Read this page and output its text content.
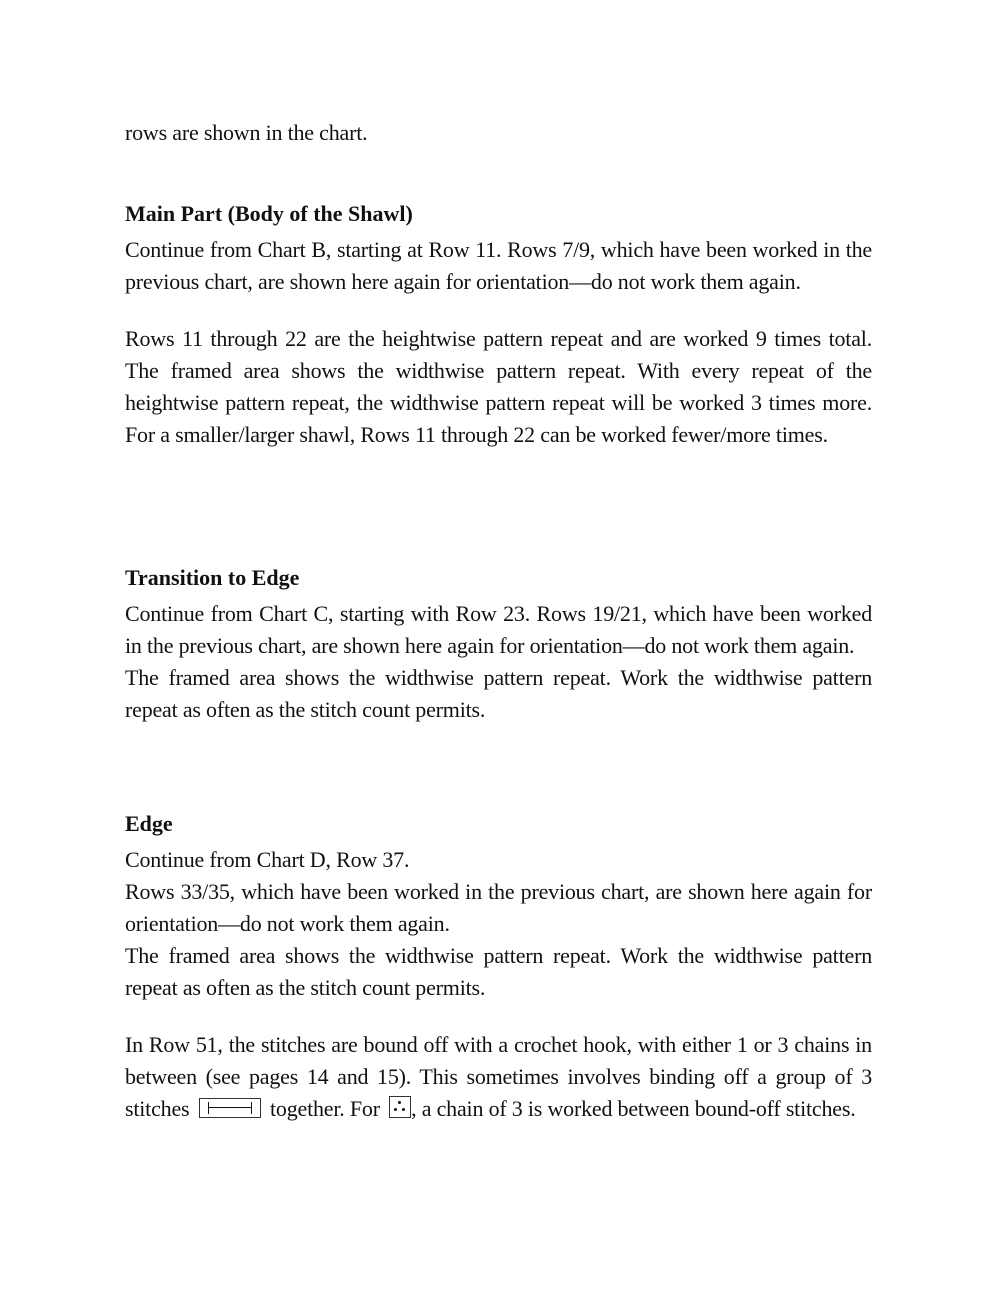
rows are shown in the chart.

Main Part (Body of the Shawl)

Continue from Chart B, starting at Row 11. Rows 7/9, which have been worked in the previous chart, are shown here again for orientation—do not work them again.

Rows 11 through 22 are the heightwise pattern repeat and are worked 9 times total. The framed area shows the widthwise pattern repeat. With every repeat of the heightwise pattern repeat, the widthwise pattern repeat will be worked 3 times more. For a smaller/larger shawl, Rows 11 through 22 can be worked fewer/more times.

Transition to Edge

Continue from Chart C, starting with Row 23. Rows 19/21, which have been worked in the previous chart, are shown here again for orientation—do not work them again.

The framed area shows the widthwise pattern repeat. Work the widthwise pattern repeat as often as the stitch count permits.

Edge

Continue from Chart D, Row 37.

Rows 33/35, which have been worked in the previous chart, are shown here again for orientation—do not work them again.

The framed area shows the widthwise pattern repeat. Work the widthwise pattern repeat as often as the stitch count permits.

In Row 51, the stitches are bound off with a crochet hook, with either 1 or 3 chains in between (see pages 14 and 15). This sometimes involves binding off a group of 3 stitches	together. For , a chain of 3 is worked between bound-off stitches.
